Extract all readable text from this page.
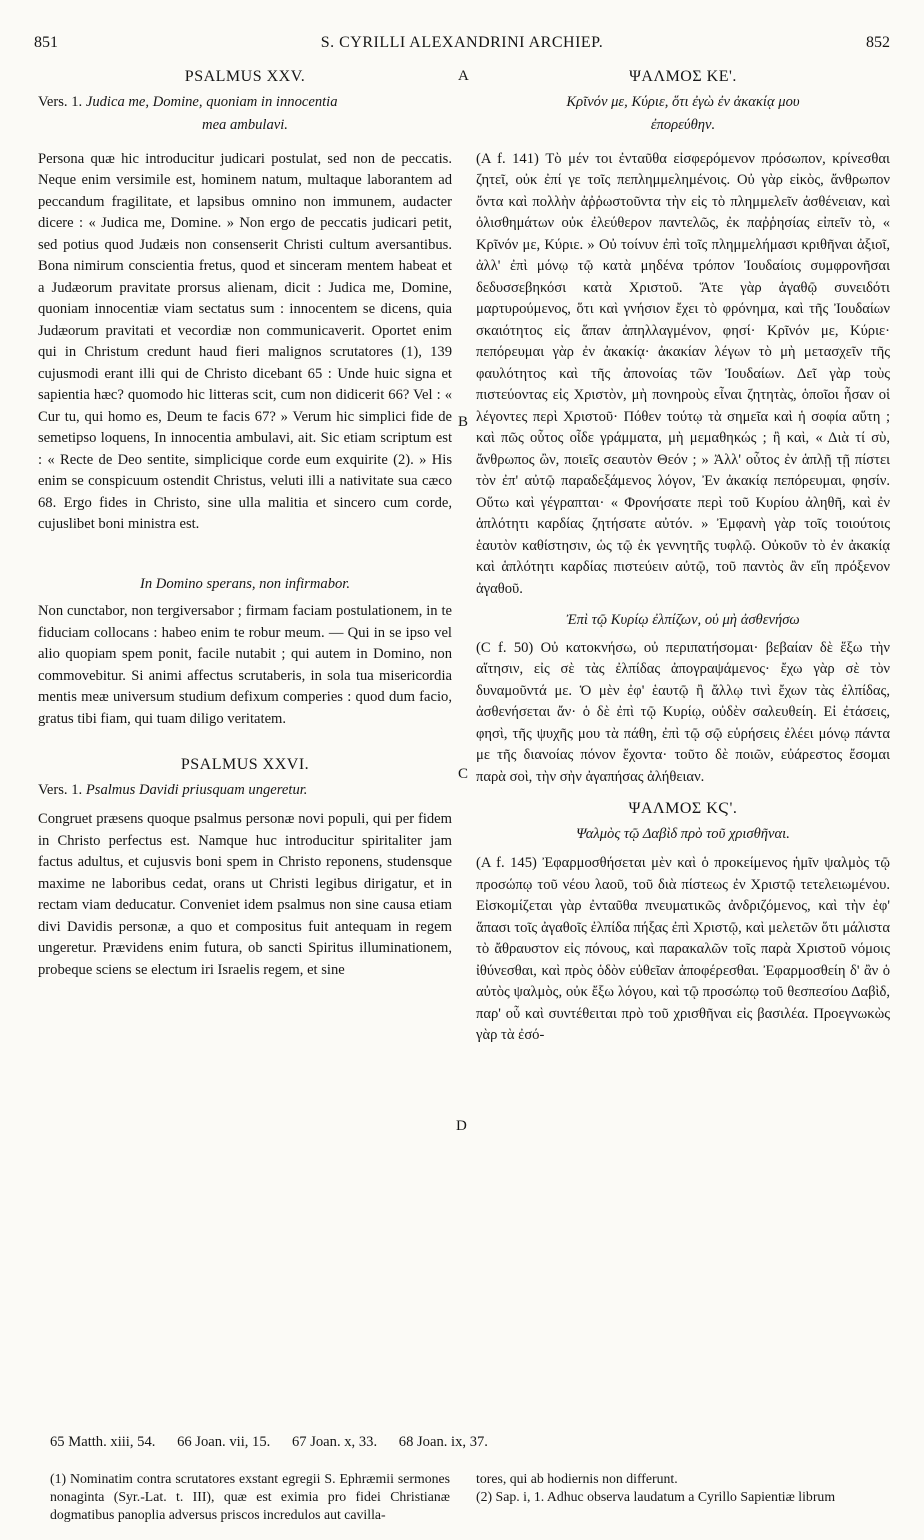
851	S. CYRILLI ALEXANDRINI ARCHIEP.	852
A
B
C
D
PSALMUS XXV.
Vers. 1. Judica me, Domine, quoniam in innocentia
mea ambulavi.

Persona quæ hic introducitur judicari postulat, sed non de peccatis. Neque enim versimile est, hominem natum, multaque laborantem ad peccandum fragilitate, et lapsibus omnino non immunem, audacter dicere : « Judica me, Domine. » Non ergo de peccatis judicari petit, sed potius quod Judæis non consenserit Christi cultum aversantibus. Bona nimirum conscientia fretus, quod et sinceram mentem habeat et a Judæorum pravitate prorsus alienam, dicit : Judica me, Domine, quoniam innocentiæ viam sectatus sum : innocentem se dicens, quia Judæorum pravitati et vecordiæ non communicaverit. Oportet enim qui in Christum credunt haud fieri malignos scrutatores (1), 139 cujusmodi erant illi qui de Christo dicebant 65 : Unde huic signa et sapientia hæc? quomodo hic litteras scit, cum non didicerit 66? Vel : « Cur tu, qui homo es, Deum te facis 67? » Verum hic simplici fide de semetipso loquens, In innocentia ambulavi, ait. Sic etiam scriptum est : « Recte de Deo sentite, simplicique corde eum exquirite (2). » His enim se conspicuum ostendit Christus, veluti illi a nativitate sua cæco 68. Ergo fides in Christo, sine ulla malitia et sincero cum corde, cujuslibet boni ministra est.

In Domino sperans, non infirmabor.

Non cunctabor, non tergiversabor ; firmam faciam postulationem, in te fiduciam collocans : habeo enim te robur meum. — Qui in se ipso vel alio quopiam spem ponit, facile nutabit ; qui autem in Domino, non commovebitur. Si animi affectus scrutaberis, in sola tua misericordia mentis meæ universum studium defixum comperies : quod dum facio, gratus tibi fiam, qui tuam diligo veritatem.

PSALMUS XXVI.
Vers. 1. Psalmus Davidi priusquam ungeretur.

Congruet præsens quoque psalmus personæ novi populi, qui per fidem in Christo perfectus est. Namque huc introducitur spiritaliter jam factus adultus, et cujusvis boni spem in Christo reponens, studensque maxime ne laboribus cedat, orans ut Christi legibus dirigatur, et in rectam viam deducatur. Conveniet idem psalmus non sine causa etiam divi Davidis personæ, a quo et compositus fuit antequam in regem ungeretur. Prævidens enim futura, ob sancti Spiritus illuminationem, probeque sciens se electum iri Israelis regem, et sine

ΨΑΛΜΟΣ ΚΕ'.
Κρῖνόν με, Κύριε, ὅτι ἐγὼ ἐν ἀκακίᾳ μου
ἐπορεύθην.

(A f. 141) Τὸ μέν τοι ἐνταῦθα εἰσφερόμενον πρόσωπον, κρίνεσθαι ζητεῖ, οὐκ ἐπί γε τοῖς πεπλημμελημένοις. Οὐ γὰρ εἰκὸς, ἄνθρωπον ὄντα καὶ πολλὴν ἀῤῥωστοῦντα τὴν εἰς τὸ πλημμελεῖν ἀσθένειαν, καὶ ὀλισθημάτων οὐκ ἐλεύθερον παντελῶς, ἐκ παῤῥησίας εἰπεῖν τὸ, « Κρῖνόν με, Κύριε. » Οὐ τοίνυν ἐπὶ τοῖς πλημμελήμασι κριθῆναι ἀξιοῖ, ἀλλ' ἐπὶ μόνῳ τῷ κατὰ μηδένα τρόπον Ἰουδαίοις συμφρονῆσαι δεδυσσεβηκόσι κατὰ Χριστοῦ. Ἅτε γὰρ ἀγαθῷ συνειδότι μαρτυρούμενος, ὅτι καὶ γνήσιον ἔχει τὸ φρόνημα, καὶ τῆς Ἰουδαίων σκαιότητος εἰς ἅπαν ἀπηλλαγμένον, φησί· Κρῖνόν με, Κύριε· πεπόρευμαι γὰρ ἐν ἀκακίᾳ· ἀκακίαν λέγων τὸ μὴ μετασχεῖν τῆς φαυλότητος καὶ τῆς ἀπονοίας τῶν Ἰουδαίων. Δεῖ γὰρ τοὺς πιστεύοντας εἰς Χριστὸν, μὴ πονηροὺς εἶναι ζητητὰς, ὁποῖοι ἦσαν οἱ λέγοντες περὶ Χριστοῦ· Πόθεν τούτῳ τὰ σημεῖα καὶ ἡ σοφία αὕτη ; καὶ πῶς οὗτος οἶδε γράμματα, μὴ μεμαθηκώς ; ἢ καὶ, « Διὰ τί σὺ, ἄνθρωπος ὢν, ποιεῖς σεαυτὸν Θεόν ; » Ἀλλ' οὗτος ἐν ἁπλῇ τῇ πίστει τὸν ἐπ' αὐτῷ παραδεξάμενος λόγον, Ἐν ἀκακίᾳ πεπόρευμαι, φησίν. Οὕτω καὶ γέγραπται· « Φρονήσατε περὶ τοῦ Κυρίου ἀληθῆ, καὶ ἐν ἁπλότητι καρδίας ζητήσατε αὐτόν. » Ἐμφανὴ γὰρ τοῖς τοιούτοις ἑαυτὸν καθίστησιν, ὡς τῷ ἐκ γεννητῆς τυφλῷ. Οὐκοῦν τὸ ἐν ἀκακίᾳ καὶ ἁπλότητι καρδίας πιστεύειν αὐτῷ, τοῦ παντὸς ἂν εἴη πρόξενον ἀγαθοῦ.

Ἐπὶ τῷ Κυρίῳ ἐλπίζων, οὐ μὴ ἀσθενήσω

(C f. 50) Οὐ κατοκνήσω, οὐ περιπατήσομαι· βεβαίαν δὲ ἕξω τὴν αἴτησιν, εἰς σὲ τὰς ἐλπίδας ἀπογραψάμενος· ἔχω γὰρ σὲ τὸν δυναμοῦντά με. Ὁ μὲν ἐφ' ἑαυτῷ ἢ ἄλλῳ τινὶ ἔχων τὰς ἐλπίδας, ἀσθενήσεται ἄν· ὁ δὲ ἐπὶ τῷ Κυρίῳ, οὐδὲν σαλευθείη. Εἰ ἐτάσεις, φησὶ, τῆς ψυχῆς μου τὰ πάθη, ἐπὶ τῷ σῷ εὑρήσεις ἐλέει μόνῳ πάντα με τῆς διανοίας πόνον ἔχοντα· τοῦτο δὲ ποιῶν, εὐάρεστος ἔσομαι παρὰ σοὶ, τὴν σὴν ἀγαπήσας ἀλήθειαν.

ΨΑΛΜΟΣ ΚϚ'.
Ψαλμὸς τῷ Δαβὶδ πρὸ τοῦ χρισθῆναι.

(A f. 145) Ἐφαρμοσθήσεται μὲν καὶ ὁ προκείμενος ἡμῖν ψαλμὸς τῷ προσώπῳ τοῦ νέου λαοῦ, τοῦ διὰ πίστεως ἐν Χριστῷ τετελειωμένου. Εἰσκομίζεται γὰρ ἐνταῦθα πνευματικῶς ἀνδριζόμενος, καὶ τὴν ἐφ' ἅπασι τοῖς ἀγαθοῖς ἐλπίδα πήξας ἐπὶ Χριστῷ, καὶ μελετῶν ὅτι μάλιστα τὸ ἄθραυστον εἰς πόνους, καὶ παρακαλῶν τοῖς παρὰ Χριστοῦ νόμοις ἰθύνεσθαι, καὶ πρὸς ὁδὸν εὐθεῖαν ἀποφέρεσθαι. Ἐφαρμοσθείη δ' ἂν ὁ αὐτὸς ψαλμὸς, οὐκ ἔξω λόγου, καὶ τῷ προσώπῳ τοῦ θεσπεσίου Δαβὶδ, παρ' οὗ καὶ συντέθειται πρὸ τοῦ χρισθῆναι εἰς βασιλέα. Προεγνωκὼς γὰρ τὰ ἐσό-

65 Matth. xiii, 54. 66 Joan. vii, 15. 67 Joan. x, 33. 68 Joan. ix, 37.

(1) Nominatim contra scrutatores exstant egregii S. Ephræmii sermones nonaginta (Syr.-Lat. t. III), quæ est eximia pro fidei Christianæ dogmatibus panoplia adversus priscos incredulos aut cavilla-

tores, qui ab hodiernis non differunt.

(2) Sap. i, 1. Adhuc observa laudatum a Cyrillo Sapientiæ librum
